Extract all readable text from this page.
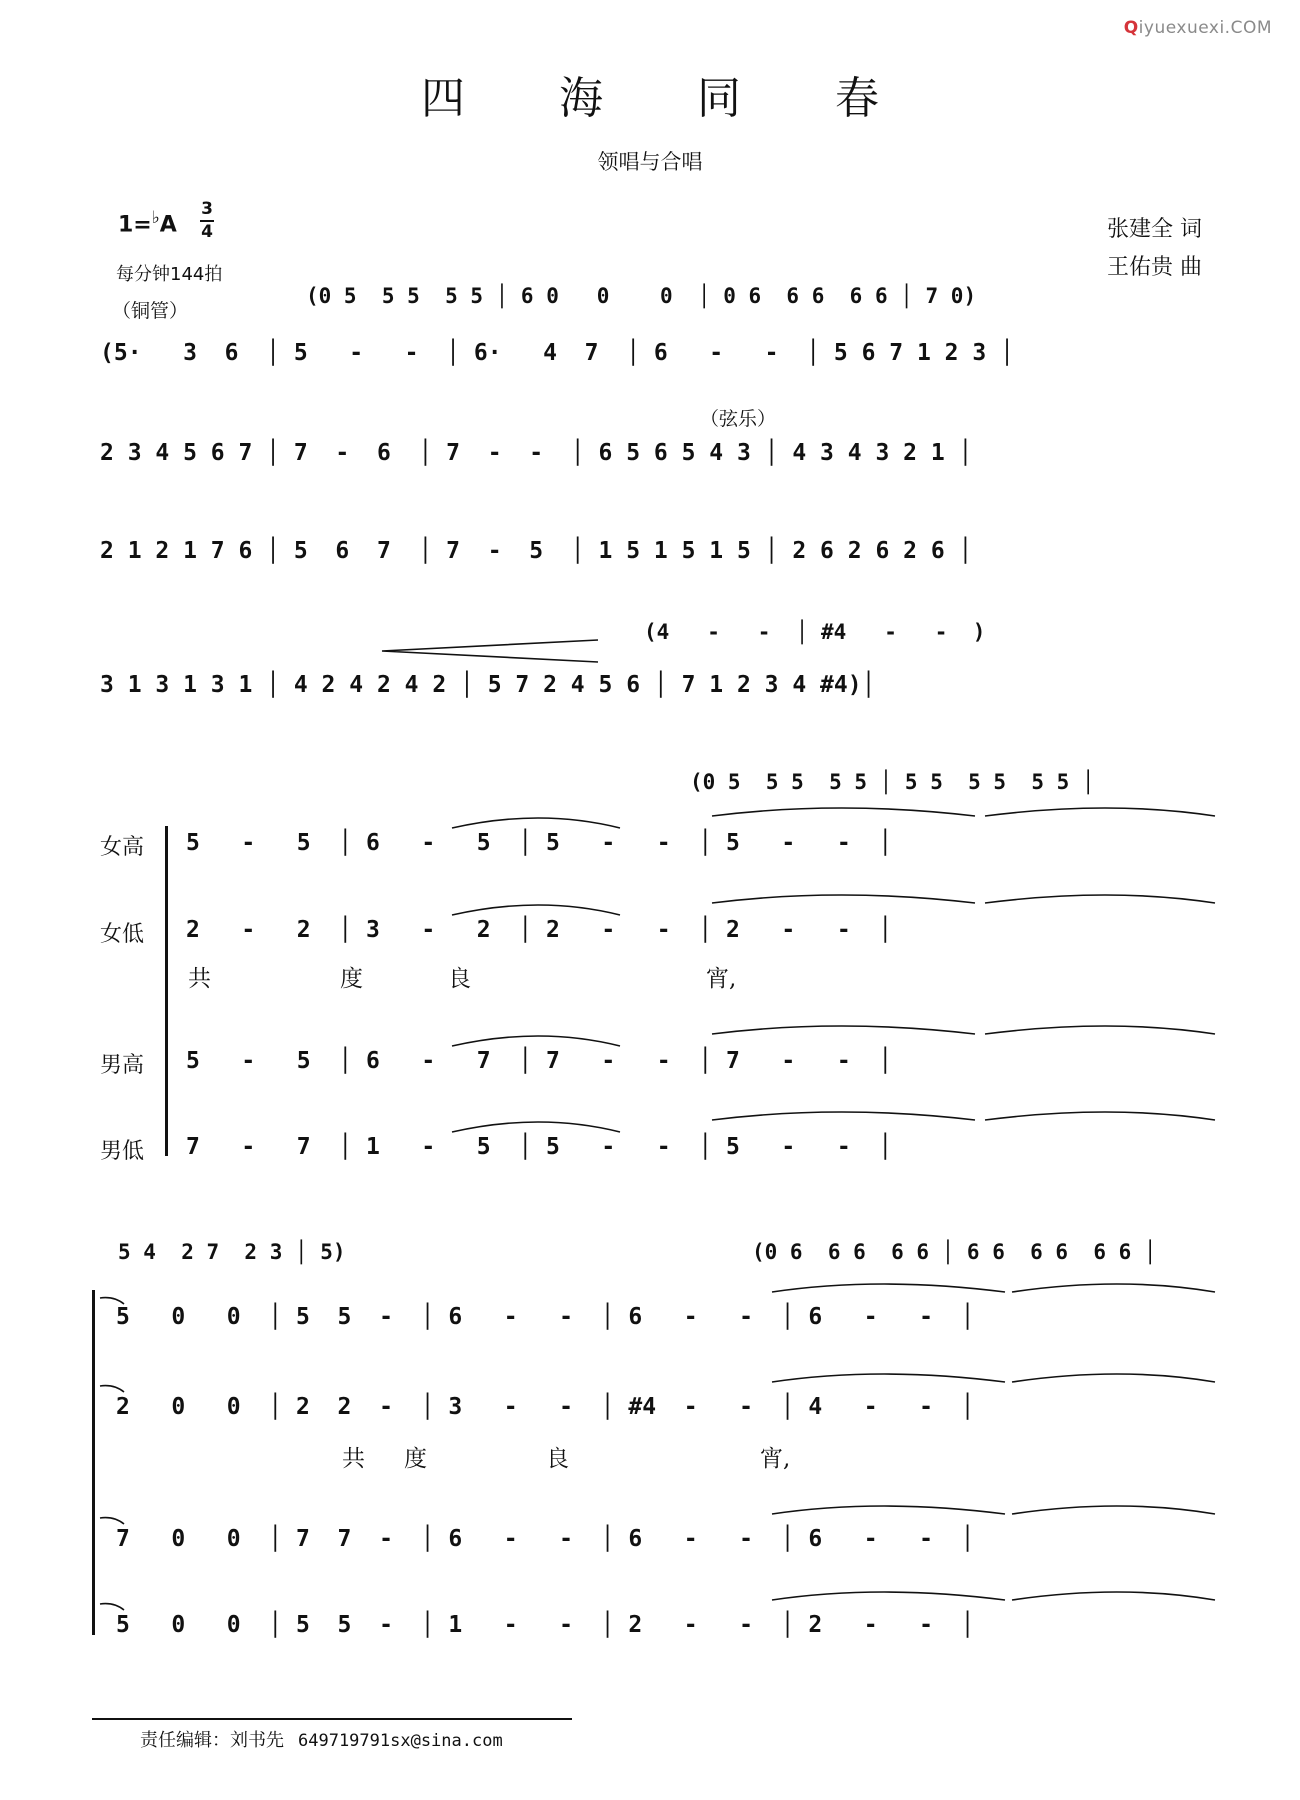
Qiyuexuexi.COM
四 海 同 春
领唱与合唱
1=♭A
3
4
每分钟144拍
（铜管）
张建全 词
王佑贵 曲
(0 5  5 5  5 5 │ 6 0   0    0  │ 0 6  6 6  6 6 │ 7 0)
(5·   3  6  │ 5   -   -  │ 6·   4  7  │ 6   -   -  │ 5 6 7 1 2 3 │
（弦乐）
2 3 4 5 6 7 │ 7  -  6  │ 7  -  -  │ 6 5 6 5 4 3 │ 4 3 4 3 2 1 │
2 1 2 1 7 6 │ 5  6  7  │ 7  -  5  │ 1 5 1 5 1 5 │ 2 6 2 6 2 6 │
(4   -   -  │ #4   -   -  )
3 1 3 1 3 1 │ 4 2 4 2 4 2 │ 5 7 2 4 5 6 │ 7 1 2 3 4 #4)│
(0 5  5 5  5 5 │ 5 5  5 5  5 5 │
女高 5   -   5  │ 6   -   5  │ 5   -   -  │ 5   -   -  │
女低 2   -   2  │ 3   -   2  │ 2   -   -  │ 2   -   -  │
共	度	良	宵,
男高 5   -   5  │ 6   -   7  │ 7   -   -  │ 7   -   -  │
男低 7   -   7  │ 1   -   5  │ 5   -   -  │ 5   -   -  │
5 4  2 7  2 3 │ 5)	(0 6  6 6  6 6 │ 6 6  6 6  6 6 │
5   0   0  │ 5  5  -  │ 6   -   -  │ 6   -   -  │ 6   -   -  │
2   0   0  │ 2  2  -  │ 3   -   -  │ #4  -   -  │ 4   -   -  │
共 度	良	宵,
7   0   0  │ 7  7  -  │ 6   -   -  │ 6   -   -  │ 6   -   -  │
5   0   0  │ 5  5  -  │ 1   -   -  │ 2   -   -  │ 2   -   -  │
责任编辑：刘书先 649719791sx@sina.com
